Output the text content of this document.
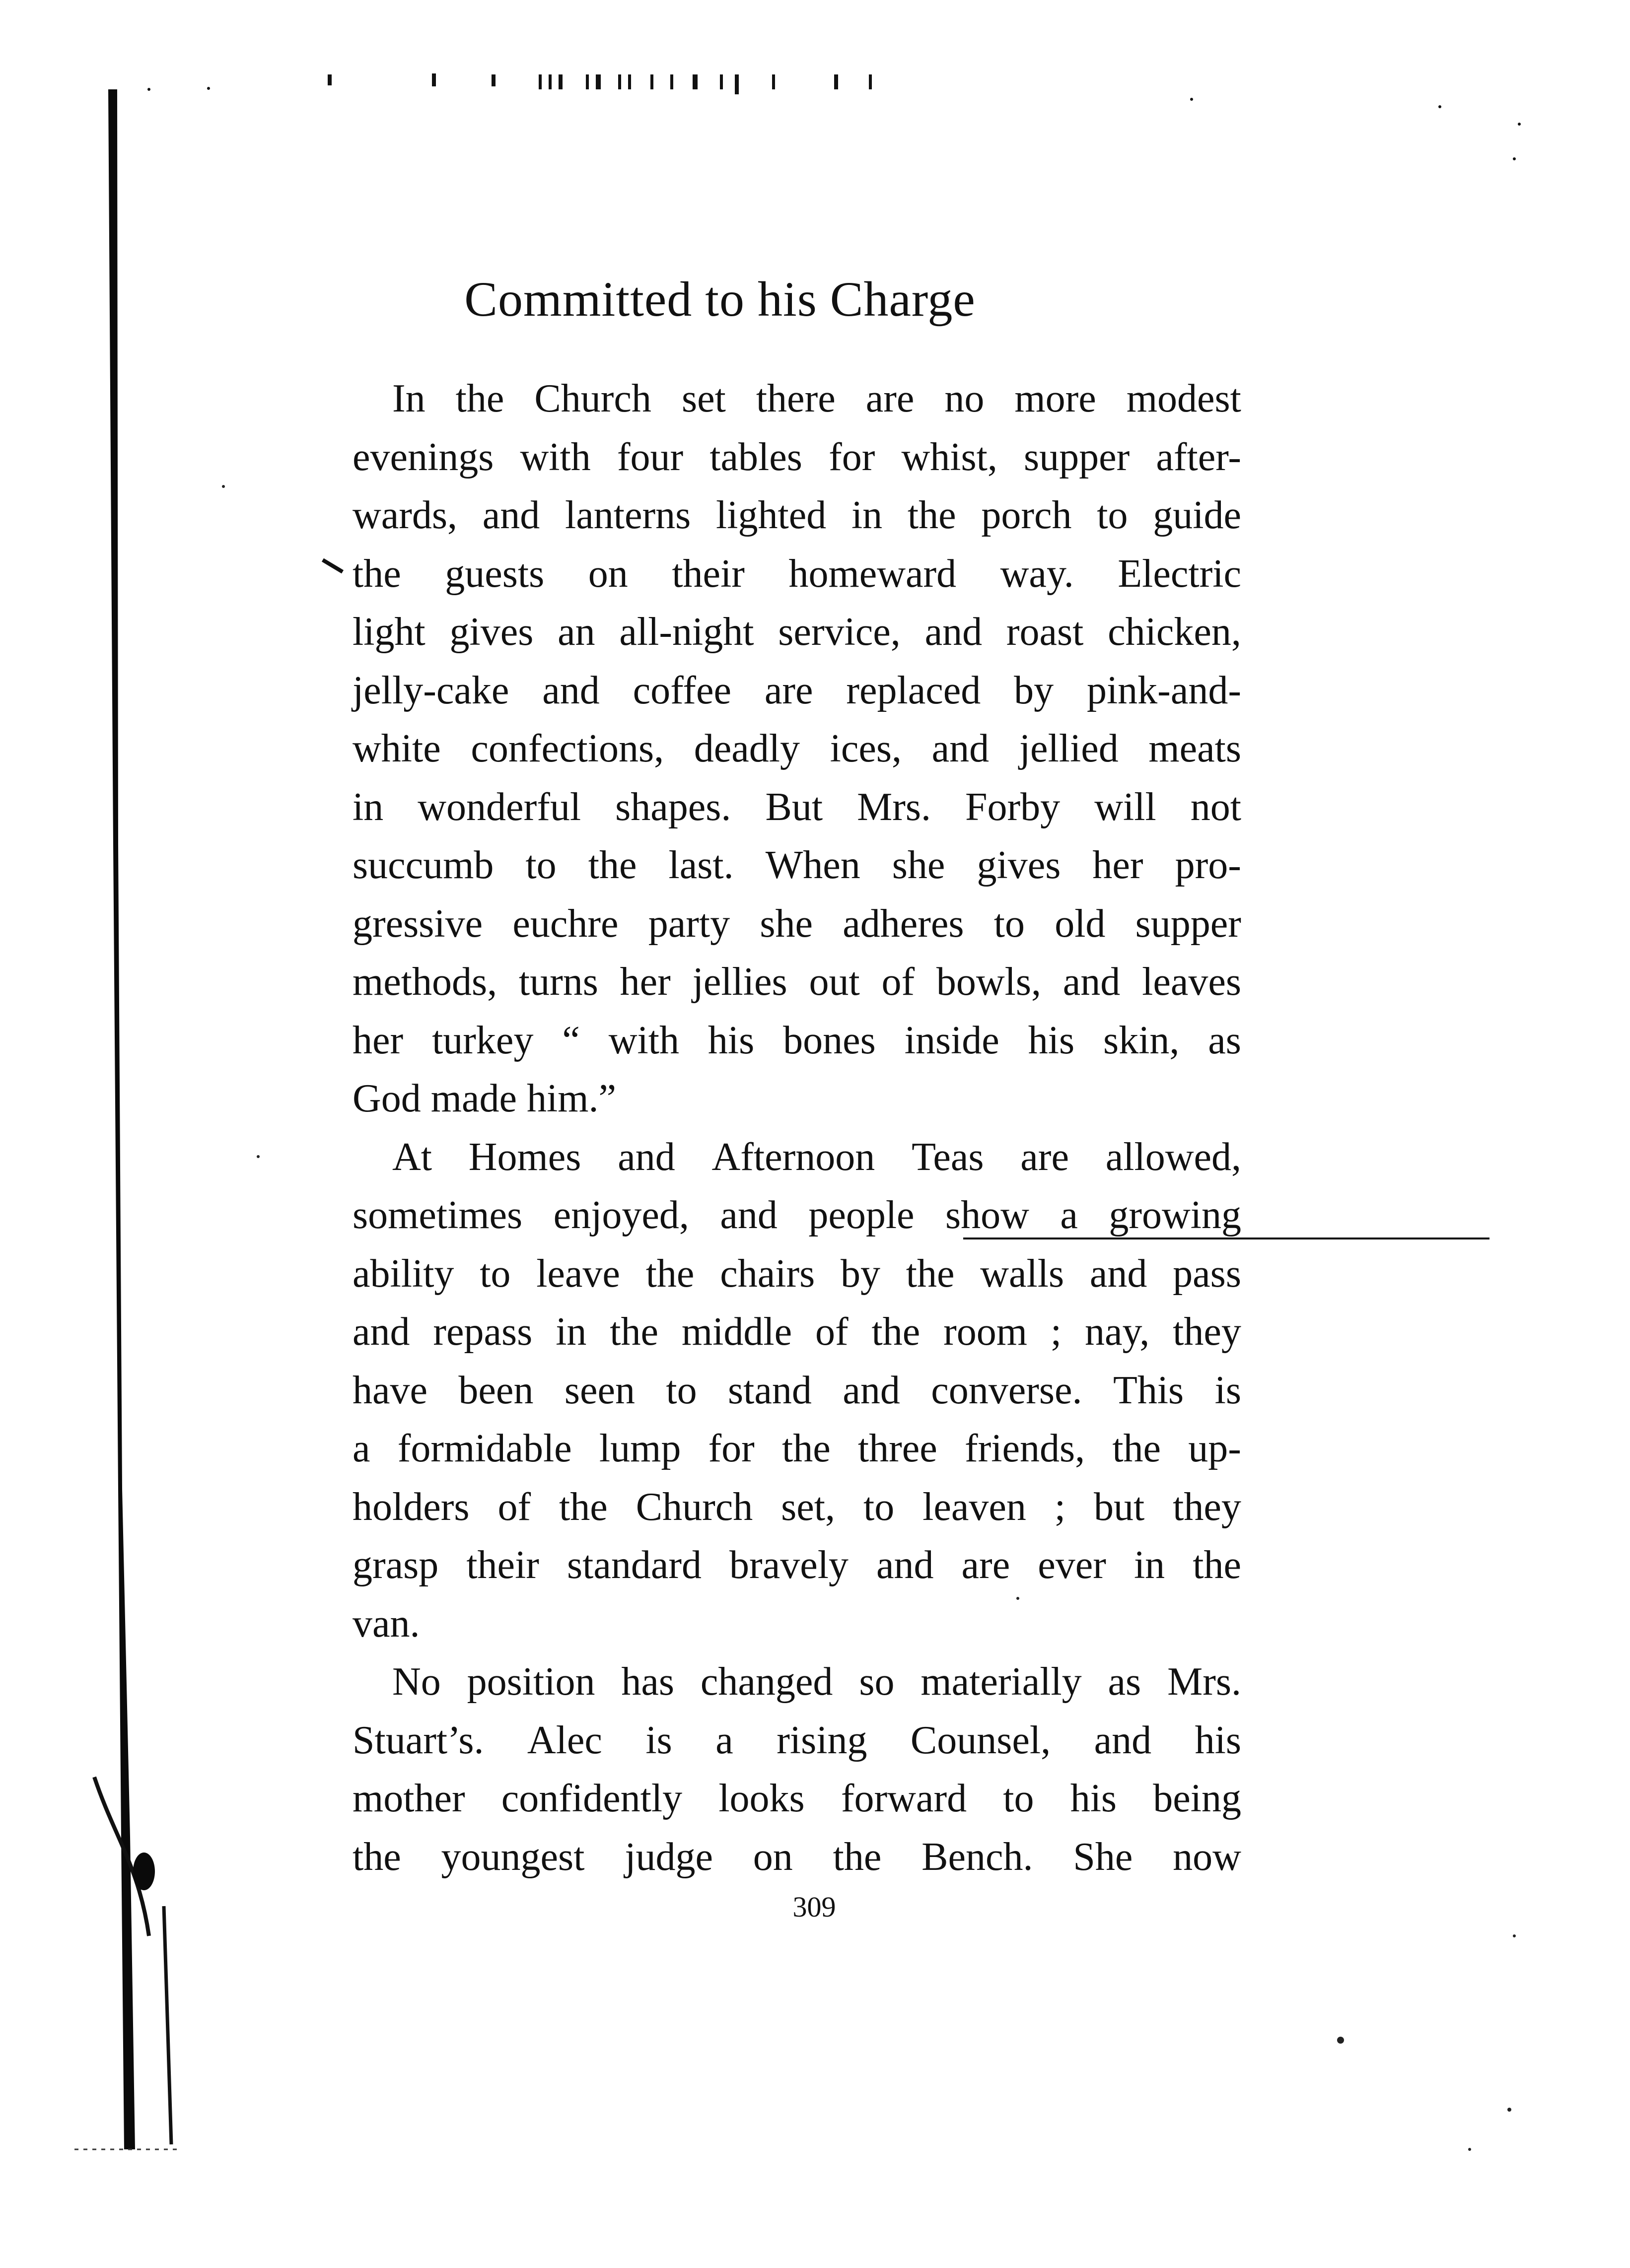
Committed to his Charge
In the Church set there are no more modest
evenings with four tables for whist, supper after-
wards, and lanterns lighted in the porch to guide
the guests on their homeward way. Electric
light gives an all-night service, and roast chicken,
jelly-cake and coffee are replaced by pink-and-
white confections, deadly ices, and jellied meats
in wonderful shapes. But Mrs. Forby will not
succumb to the last. When she gives her pro-
gressive euchre party she adheres to old supper
methods, turns her jellies out of bowls, and leaves
her turkey “ with his bones inside his skin, as
God made him.”
At Homes and Afternoon Teas are allowed,
sometimes enjoyed, and people show a growing
ability to leave the chairs by the walls and pass
and repass in the middle of the room ; nay, they
have been seen to stand and converse. This is
a formidable lump for the three friends, the up-
holders of the Church set, to leaven ; but they
grasp their standard bravely and are ever in the
van.
No position has changed so materially as Mrs.
Stuart’s. Alec is a rising Counsel, and his
mother confidently looks forward to his being
the youngest judge on the Bench. She now
309
